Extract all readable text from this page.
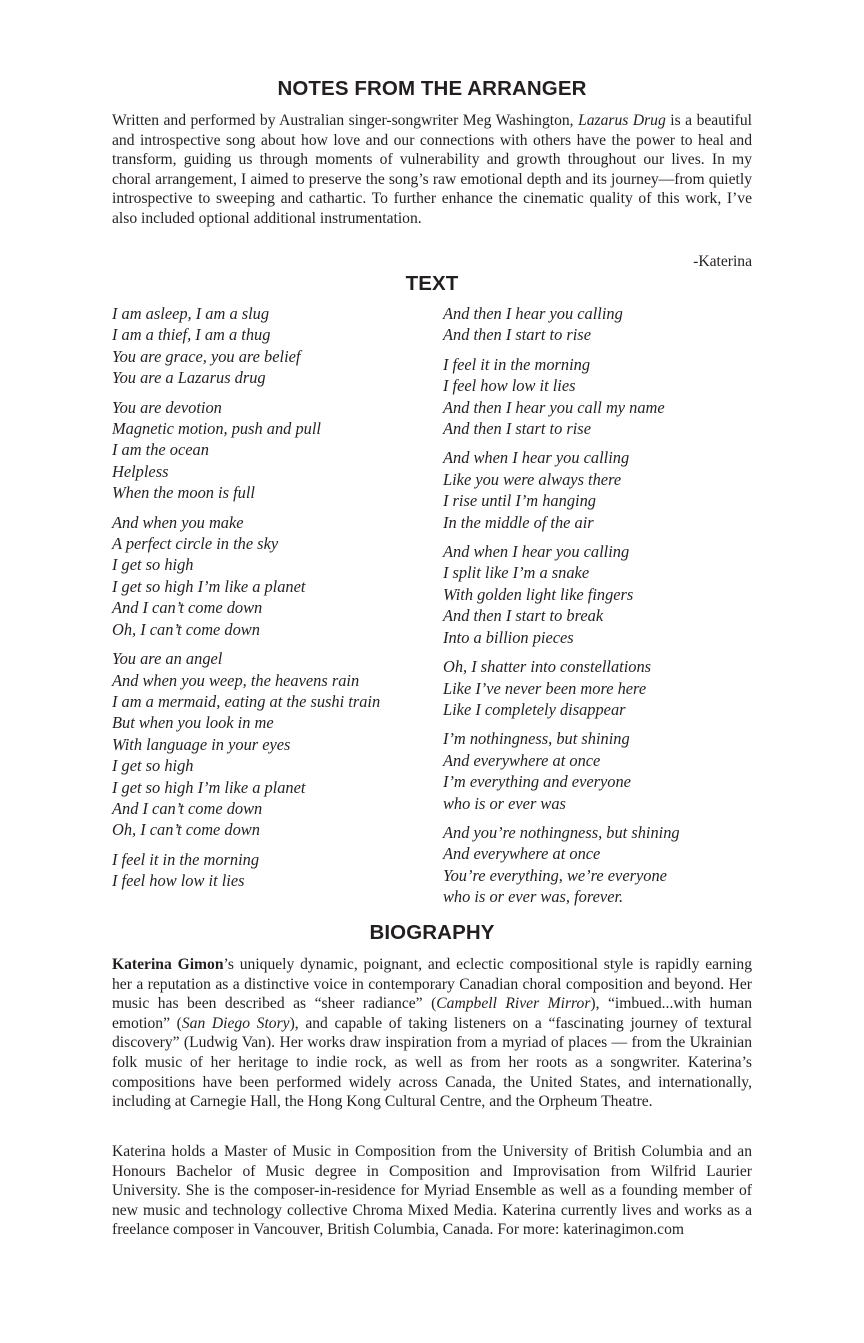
NOTES FROM THE ARRANGER

Written and performed by Australian singer-songwriter Meg Washington, Lazarus Drug is a beautiful and introspective song about how love and our connections with others have the power to heal and transform, guiding us through moments of vulnerability and growth throughout our lives. In my choral arrangement, I aimed to preserve the song’s raw emotional depth and its journey—from quietly introspective to sweeping and cathartic. To further enhance the cinematic quality of this work, I’ve also included optional additional instrumentation.

-Katerina
TEXT
I am asleep, I am a slug
I am a thief, I am a thug
You are grace, you are belief
You are a Lazarus drug
You are devotion
Magnetic motion, push and pull
I am the ocean
Helpless
When the moon is full
And when you make
A perfect circle in the sky
I get so high
I get so high I’m like a planet
And I can’t come down
Oh, I can’t come down
You are an angel
And when you weep, the heavens rain
I am a mermaid, eating at the sushi train
But when you look in me
With language in your eyes
I get so high
I get so high I’m like a planet
And I can’t come down
Oh, I can’t come down
I feel it in the morning
I feel how low it lies
And then I hear you calling
And then I start to rise
I feel it in the morning
I feel how low it lies
And then I hear you call my name
And then I start to rise
And when I hear you calling
Like you were always there
I rise until I’m hanging
In the middle of the air
And when I hear you calling
I split like I’m a snake
With golden light like fingers
And then I start to break
Into a billion pieces
Oh, I shatter into constellations
Like I’ve never been more here
Like I completely disappear
I’m nothingness, but shining
And everywhere at once
I’m everything and everyone
who is or ever was
And you’re nothingness, but shining
And everywhere at once
You’re everything, we’re everyone
who is or ever was, forever.
BIOGRAPHY

Katerina Gimon’s uniquely dynamic, poignant, and eclectic compositional style is rapidly earning her a reputation as a distinctive voice in contemporary Canadian choral composition and beyond. Her music has been described as “sheer radiance” (Campbell River Mirror), “imbued...with human emotion” (San Diego Story), and capable of taking listeners on a “fascinating journey of textural discovery” (Ludwig Van). Her works draw inspiration from a myriad of places — from the Ukrainian folk music of her heritage to indie rock, as well as from her roots as a songwriter. Katerina’s compositions have been performed widely across Canada, the United States, and internationally, including at Carnegie Hall, the Hong Kong Cultural Centre, and the Orpheum Theatre.

Katerina holds a Master of Music in Composition from the University of British Columbia and an Honours Bachelor of Music degree in Composition and Improvisation from Wilfrid Laurier University. She is the composer-in-residence for Myriad Ensemble as well as a founding member of new music and technology collective Chroma Mixed Media. Katerina currently lives and works as a freelance composer in Vancouver, British Columbia, Canada. For more: katerinagimon.com
